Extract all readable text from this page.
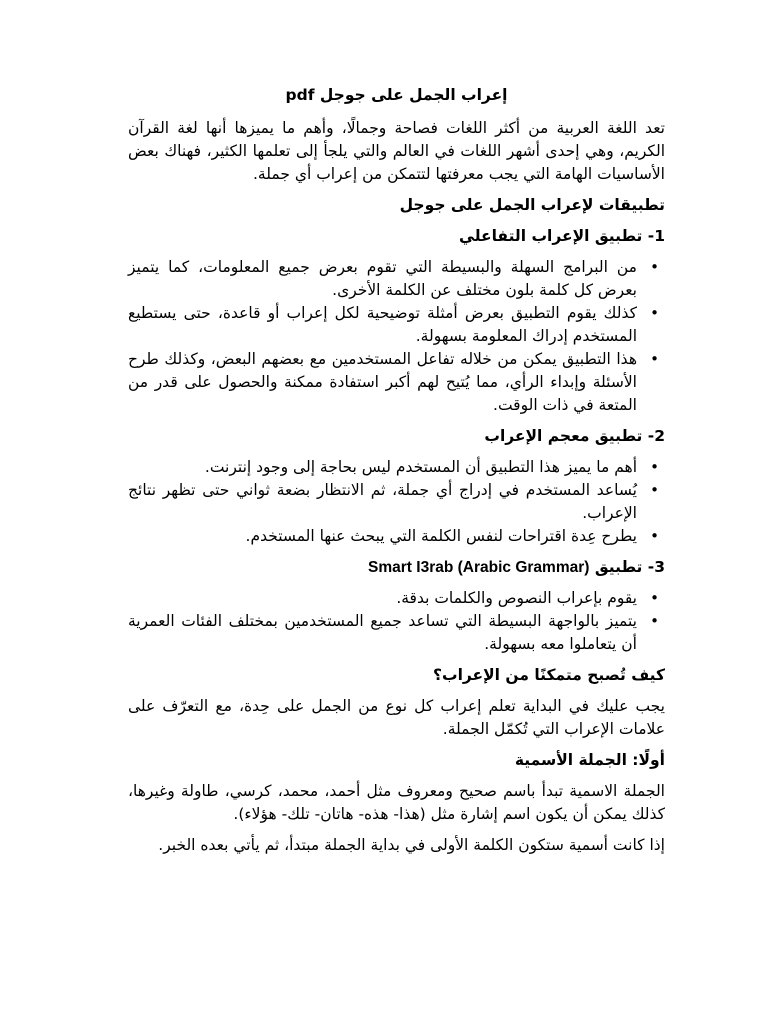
إعراب الجمل على جوجل pdf

تعد اللغة العربية من أكثر اللغات فصاحة وجمالًا، وأهم ما يميزها أنها لغة القرآن الكريم، وهي إحدى أشهر اللغات في العالم والتي يلجأ إلى تعلمها الكثير، فهناك بعض الأساسيات الهامة التي يجب معرفتها لتتمكن من إعراب أي جملة.

تطبيقات لإعراب الجمل على جوجل
1- تطبيق الإعراب التفاعلي
• من البرامج السهلة والبسيطة التي تقوم بعرض جميع المعلومات، كما يتميز بعرض كل كلمة بلون مختلف عن الكلمة الأخرى.
• كذلك يقوم التطبيق بعرض أمثلة توضيحية لكل إعراب أو قاعدة، حتى يستطيع المستخدم إدراك المعلومة بسهولة.
• هذا التطبيق يمكن من خلاله تفاعل المستخدمين مع بعضهم البعض، وكذلك طرح الأسئلة وإبداء الرأي، مما يُتيح لهم أكبر استفادة ممكنة والحصول على قدر من المتعة في ذات الوقت.
2- تطبيق معجم الإعراب
• أهم ما يميز هذا التطبيق أن المستخدم ليس بحاجة إلى وجود إنترنت.
• يُساعد المستخدم في إدراج أي جملة، ثم الانتظار بضعة ثواني حتى تظهر نتائج الإعراب.
• يطرح عِدة اقتراحات لنفس الكلمة التي يبحث عنها المستخدم.
3- تطبيق Smart I3rab (Arabic Grammar)
• يقوم بإعراب النصوص والكلمات بدقة.
• يتميز بالواجهة البسيطة التي تساعد جميع المستخدمين بمختلف الفئات العمرية أن يتعاملوا معه بسهولة.
كيف تُصبح متمكنًا من الإعراب؟

يجب عليك في البداية تعلم إعراب كل نوع من الجمل على حِدة، مع التعرّف على علامات الإعراب التي تُكمّل الجملة.

أولًا: الجملة الأسمية

الجملة الاسمية تبدأ باسم صحيح ومعروف مثل أحمد، محمد، كرسي، طاولة وغيرها، كذلك يمكن أن يكون اسم إشارة مثل (هذا- هذه- هاتان- تلك- هؤلاء).

إذا كانت أسمية ستكون الكلمة الأولى في بداية الجملة مبتدأ، ثم يأتي بعده الخبر.
